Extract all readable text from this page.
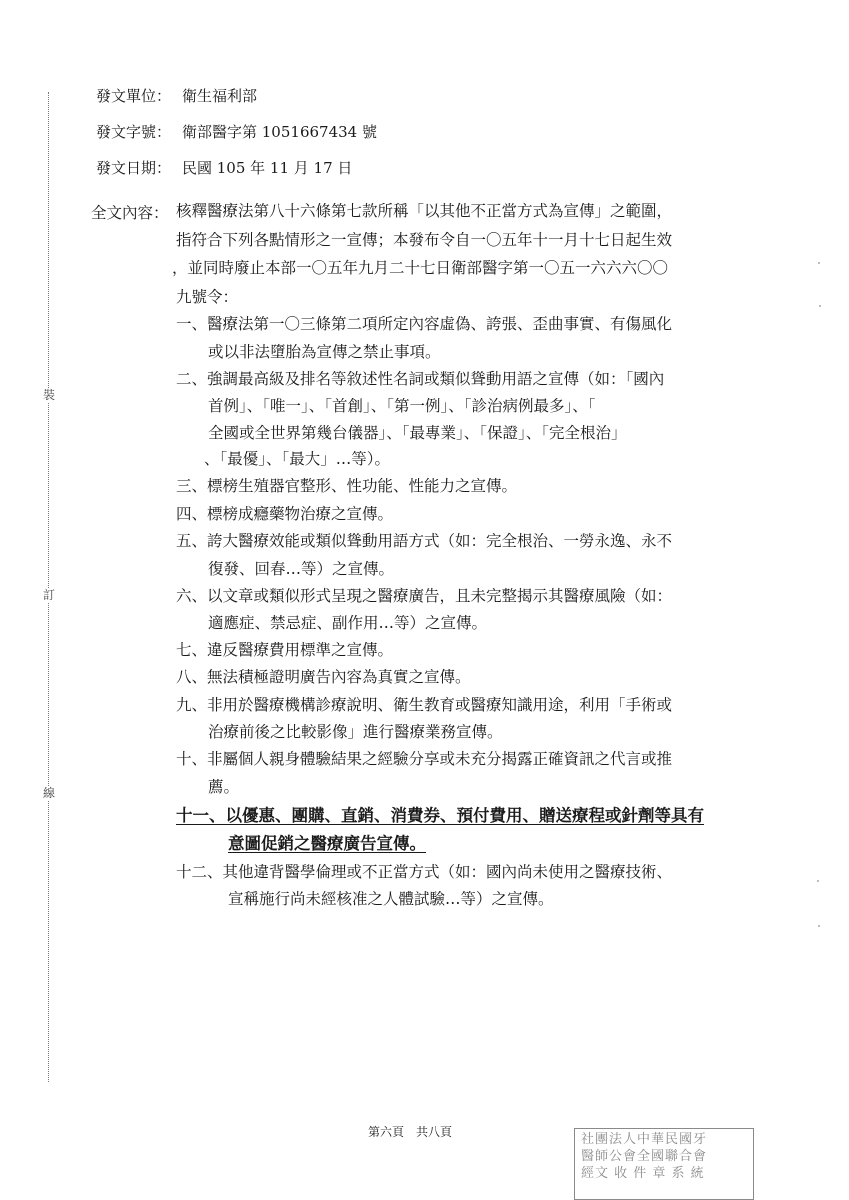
裝
訂
線
發文單位： 衛生福利部
發文字號： 衛部醫字第 1051667434 號
發文日期： 民國 105 年 11 月 17 日
全文內容： 核釋醫療法第八十六條第七款所稱「以其他不正當方式為宣傳」之範圍，
指符合下列各點情形之一宣傳；本發布令自一〇五年十一月十七日起生效
，並同時廢止本部一〇五年九月二十七日衛部醫字第一〇五一六六六〇〇
九號令：
一、醫療法第一〇三條第二項所定內容虛偽、誇張、歪曲事實、有傷風化
或以非法墮胎為宣傳之禁止事項。
二、強調最高級及排名等敘述性名詞或類似聳動用語之宣傳（如：「國內
首例」、「唯一」、「首創」、「第一例」、「診治病例最多」、「
全國或全世界第幾台儀器」、「最專業」、「保證」、「完全根治」
、「最優」、「最大」…等）。
三、標榜生殖器官整形、性功能、性能力之宣傳。
四、標榜成癮藥物治療之宣傳。
五、誇大醫療效能或類似聳動用語方式（如：完全根治、一勞永逸、永不
復發、回春…等）之宣傳。
六、以文章或類似形式呈現之醫療廣告，且未完整揭示其醫療風險（如：
適應症、禁忌症、副作用…等）之宣傳。
七、違反醫療費用標準之宣傳。
八、無法積極證明廣告內容為真實之宣傳。
九、非用於醫療機構診療說明、衛生教育或醫療知識用途，利用「手術或
治療前後之比較影像」進行醫療業務宣傳。
十、非屬個人親身體驗結果之經驗分享或未充分揭露正確資訊之代言或推
薦。
十一、以優惠、團購、直銷、消費券、預付費用、贈送療程或針劑等具有
意圖促銷之醫療廣告宣傳。
十二、其他違背醫學倫理或不正當方式（如：國內尚未使用之醫療技術、
宣稱施行尚未經核准之人體試驗…等）之宣傳。
第六頁　共八頁	社團法人中華民國牙
醫師公會全國聯合會
經文 收 件 章 系 統
